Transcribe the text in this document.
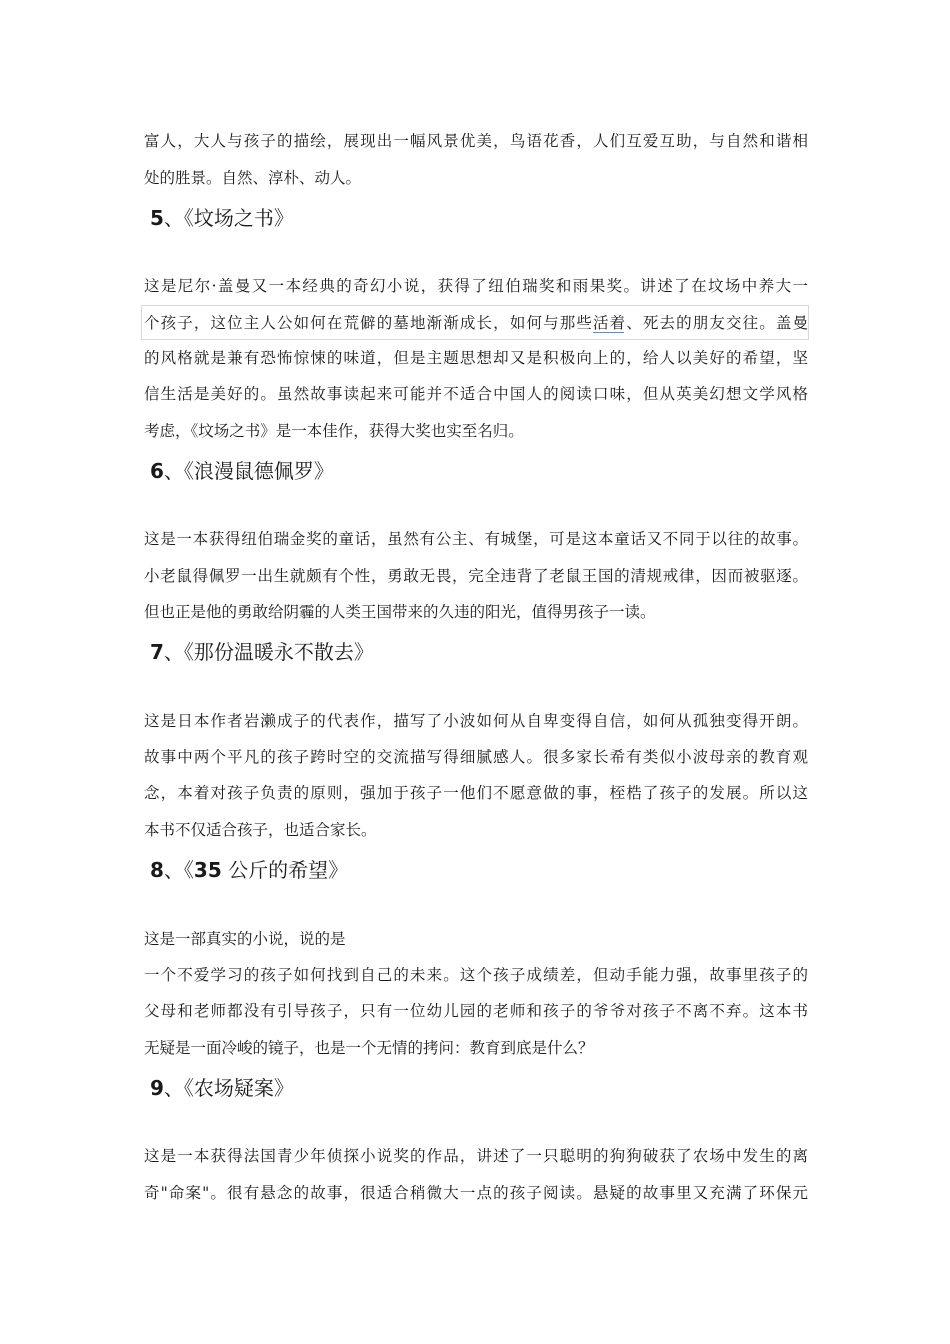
富人，大人与孩子的描绘，展现出一幅风景优美，鸟语花香，人们互爱互助，与自然和谐相
处的胜景。自然、淳朴、动人。
5、《坟场之书》
这是尼尔·盖曼又一本经典的奇幻小说，获得了纽伯瑞奖和雨果奖。讲述了在坟场中养大一
个孩子，这位主人公如何在荒僻的墓地渐渐成长，如何与那些活着、死去的朋友交往。盖曼
的风格就是兼有恐怖惊悚的味道，但是主题思想却又是积极向上的，给人以美好的希望，坚
信生活是美好的。虽然故事读起来可能并不适合中国人的阅读口味，但从英美幻想文学风格
考虑，《坟场之书》是一本佳作，获得大奖也实至名归。
6、《浪漫鼠德佩罗》
这是一本获得纽伯瑞金奖的童话，虽然有公主、有城堡，可是这本童话又不同于以往的故事。
小老鼠得佩罗一出生就颇有个性，勇敢无畏，完全违背了老鼠王国的清规戒律，因而被驱逐。
但也正是他的勇敢给阴霾的人类王国带来的久违的阳光，值得男孩子一读。
7、《那份温暖永不散去》
这是日本作者岩濑成子的代表作，描写了小波如何从自卑变得自信，如何从孤独变得开朗。
故事中两个平凡的孩子跨时空的交流描写得细腻感人。很多家长希有类似小波母亲的教育观
念，本着对孩子负责的原则，强加于孩子一他们不愿意做的事，桎梏了孩子的发展。所以这
本书不仅适合孩子，也适合家长。
8、《35 公斤的希望》
这是一部真实的小说，说的是
一个不爱学习的孩子如何找到自己的未来。这个孩子成绩差，但动手能力强，故事里孩子的
父母和老师都没有引导孩子，只有一位幼儿园的老师和孩子的爷爷对孩子不离不弃。这本书
无疑是一面冷峻的镜子，也是一个无情的拷问：教育到底是什么？
9、《农场疑案》
这是一本获得法国青少年侦探小说奖的作品，讲述了一只聪明的狗狗破获了农场中发生的离
奇"命案"。很有悬念的故事，很适合稍微大一点的孩子阅读。悬疑的故事里又充满了环保元
